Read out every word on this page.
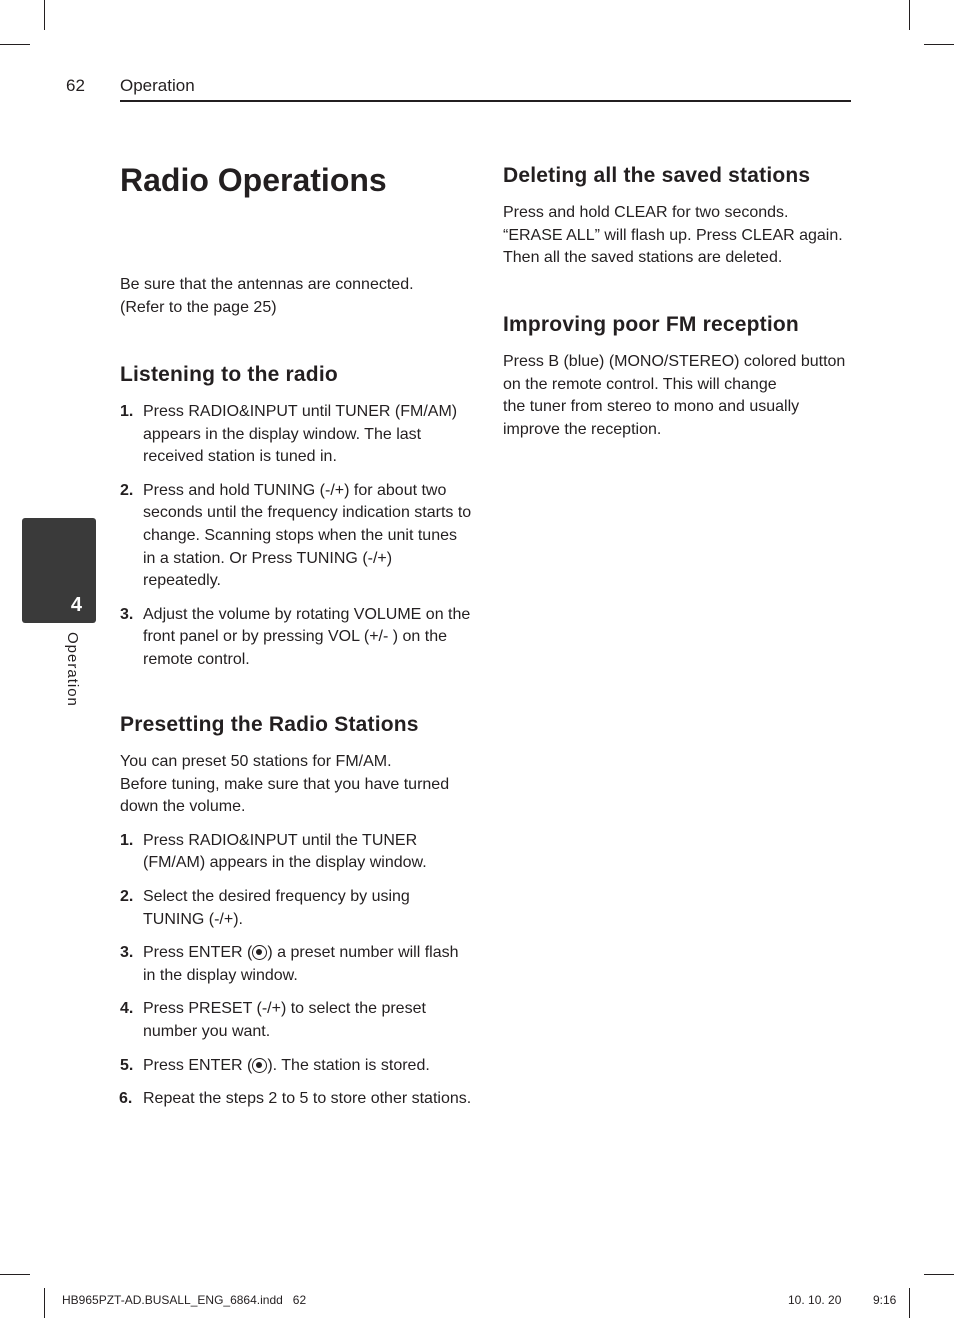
62 Operation
4
Operation
Radio Operations

Be sure that the antennas are connected.

(Refer to the page 25)

Listening to the radio
1. Press RADIO&INPUT until TUNER (FM/AM) appears in the display window. The last received station is tuned in.
2. Press and hold TUNING (-/+) for about two seconds until the frequency indication starts to change. Scanning stops when the unit tunes in a station. Or Press TUNING (-/+) repeatedly.
3. Adjust the volume by rotating VOLUME on the front panel or by pressing VOL (+/- ) on the remote control.
Presetting the Radio Stations

You can preset 50 stations for FM/AM.

Before tuning, make sure that you have turned down the volume.

1. Press RADIO&INPUT until the TUNER (FM/AM) appears in the display window.
2. Select the desired frequency by using TUNING (-/+).
3. Press ENTER ( ) a preset number will flash in the display window.
4. Press PRESET (-/+) to select the preset number you want.
5. Press ENTER ( ). The station is stored.
6. Repeat the steps 2 to 5 to store other stations.
Deleting all the saved stations

Press and hold CLEAR for two seconds.
“ERASE ALL” will flash up. Press CLEAR again.
Then all the saved stations are deleted.

Improving poor FM reception

Press B (blue) (MONO/STEREO) colored button
on the remote control. This will change
the tuner from stereo to mono and usually
improve the reception.

HB965PZT-AD.BUSALL_ENG_6864.indd   62	10. 10. 20	9:16
